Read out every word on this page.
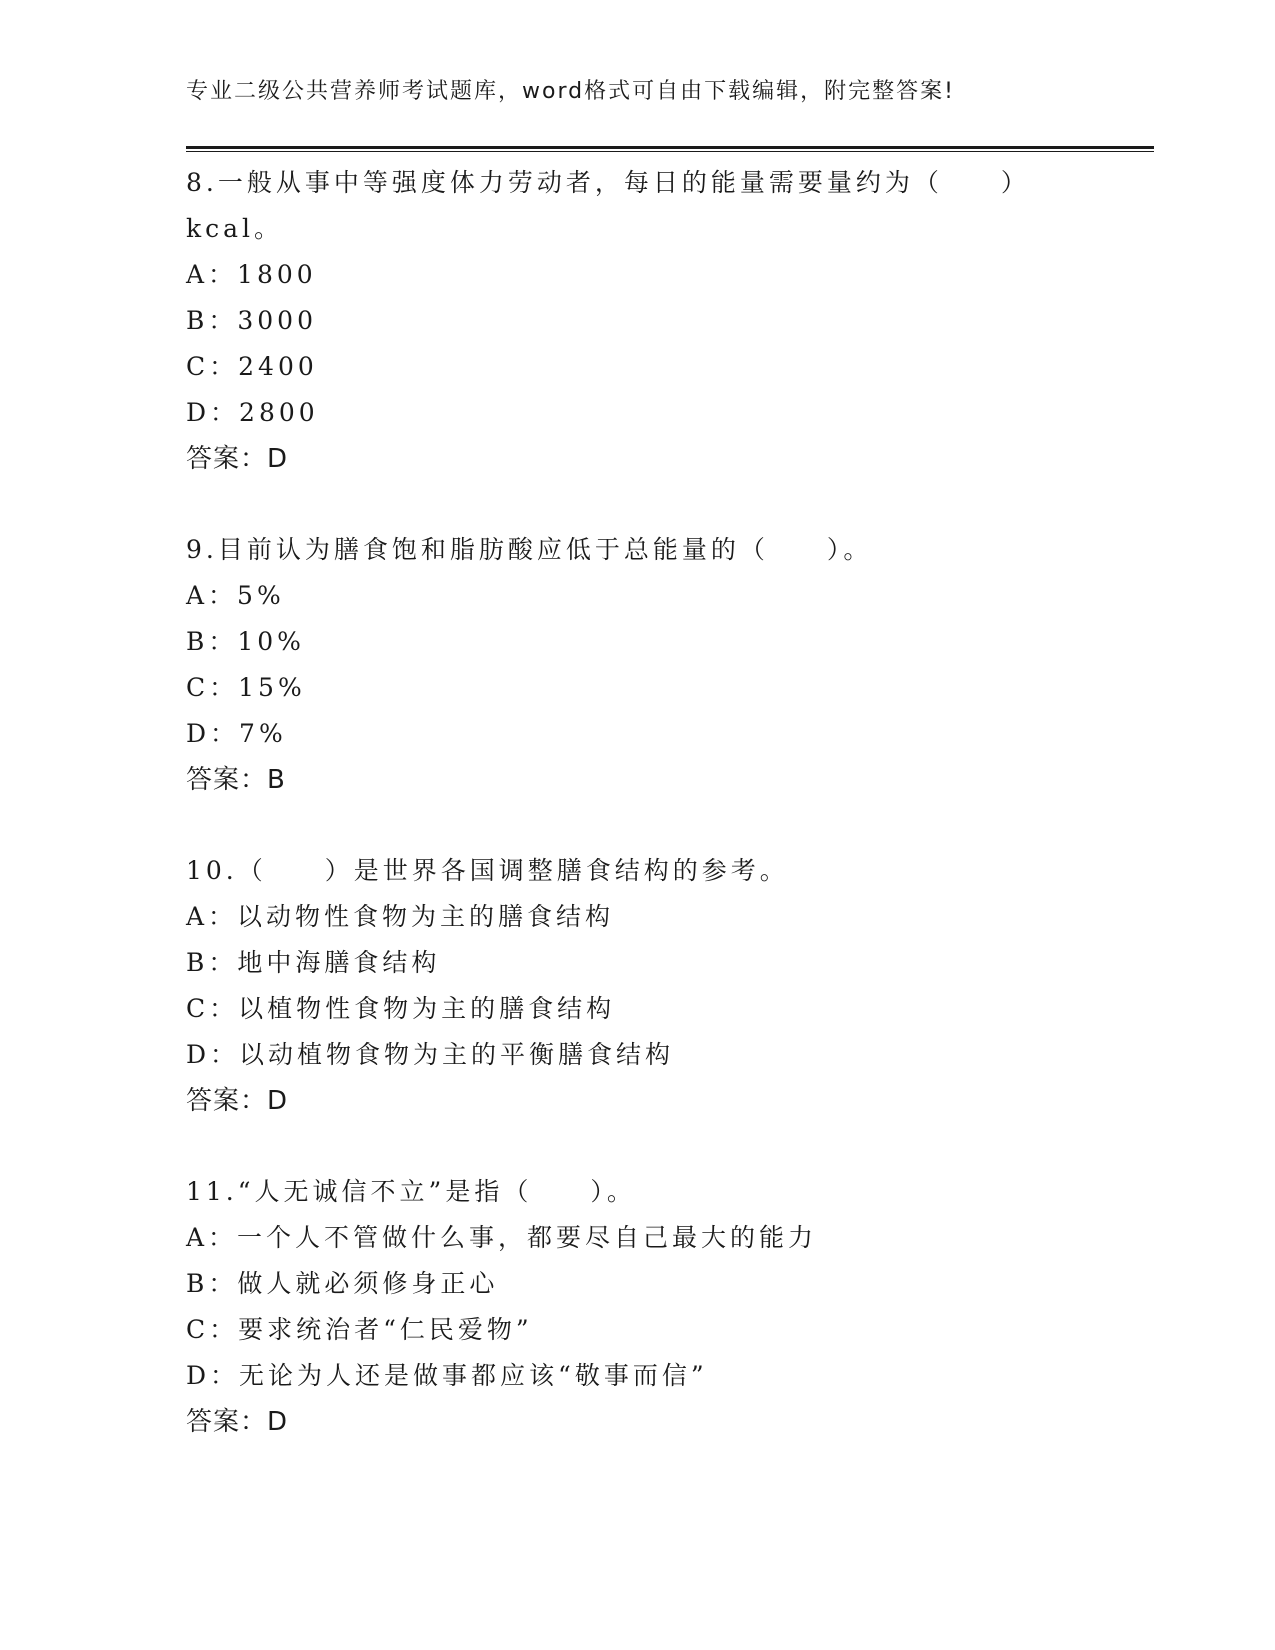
专业二级公共营养师考试题库，word格式可自由下载编辑，附完整答案!
8.一般从事中等强度体力劳动者，每日的能量需要量约为（　　）kcal。
A：1800
B：3000
C：2400
D：2800
答案：D
9.目前认为膳食饱和脂肪酸应低于总能量的（　　）。
A：5%
B：10%
C：15%
D：7%
答案：B
10.（　　）是世界各国调整膳食结构的参考。
A：以动物性食物为主的膳食结构
B：地中海膳食结构
C：以植物性食物为主的膳食结构
D：以动植物食物为主的平衡膳食结构
答案：D
11.“人无诚信不立”是指（　　）。
A：一个人不管做什么事，都要尽自己最大的能力
B：做人就必须修身正心
C：要求统治者“仁民爱物”
D：无论为人还是做事都应该“敬事而信”
答案：D
